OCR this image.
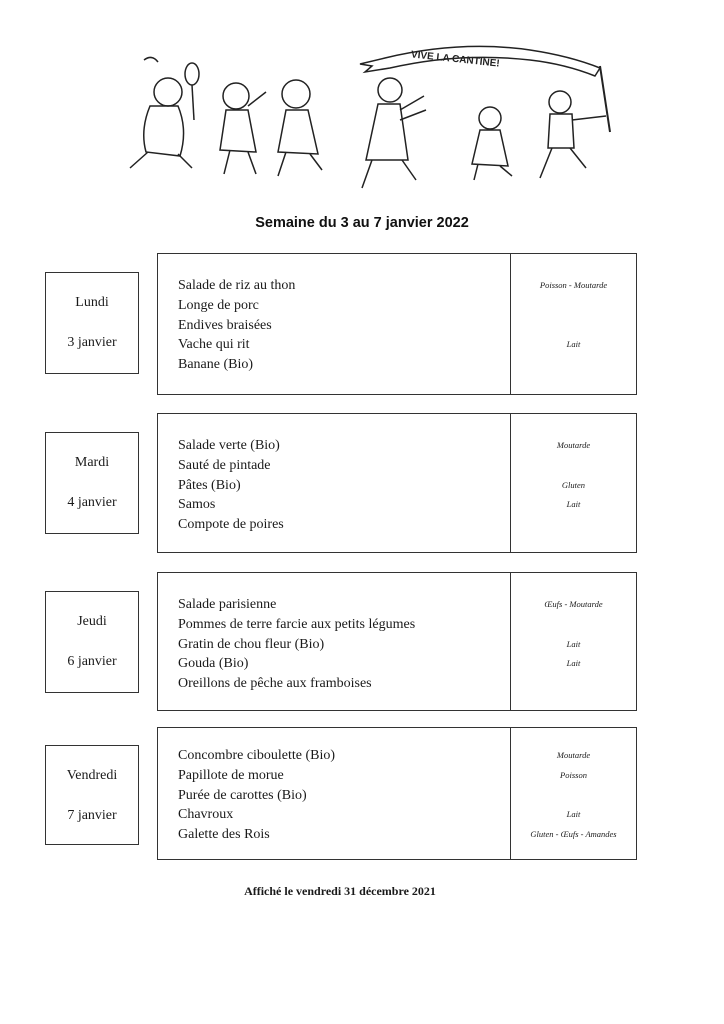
VIVE LA CANTINE!
Semaine du 3 au 7 janvier 2022
Lundi
3 janvier
Salade de riz au thon
Longe de porc
Endives braisées
Vache qui rit
Banane (Bio)
Poisson - Moutarde
Lait
Mardi
4 janvier
Salade verte (Bio)
Sauté de pintade
Pâtes (Bio)
Samos
Compote de poires
Moutarde
Gluten
Lait
Jeudi
6 janvier
Salade parisienne
Pommes de terre farcie aux petits légumes
Gratin de chou fleur (Bio)
Gouda (Bio)
Oreillons de pêche aux framboises
Œufs - Moutarde
Lait
Lait
Vendredi
7 janvier
Concombre ciboulette (Bio)
Papillote de morue
Purée de carottes (Bio)
Chavroux
Galette des Rois
Moutarde
Poisson
Lait
Gluten - Œufs - Amandes
Affiché le vendredi 31 décembre 2021
